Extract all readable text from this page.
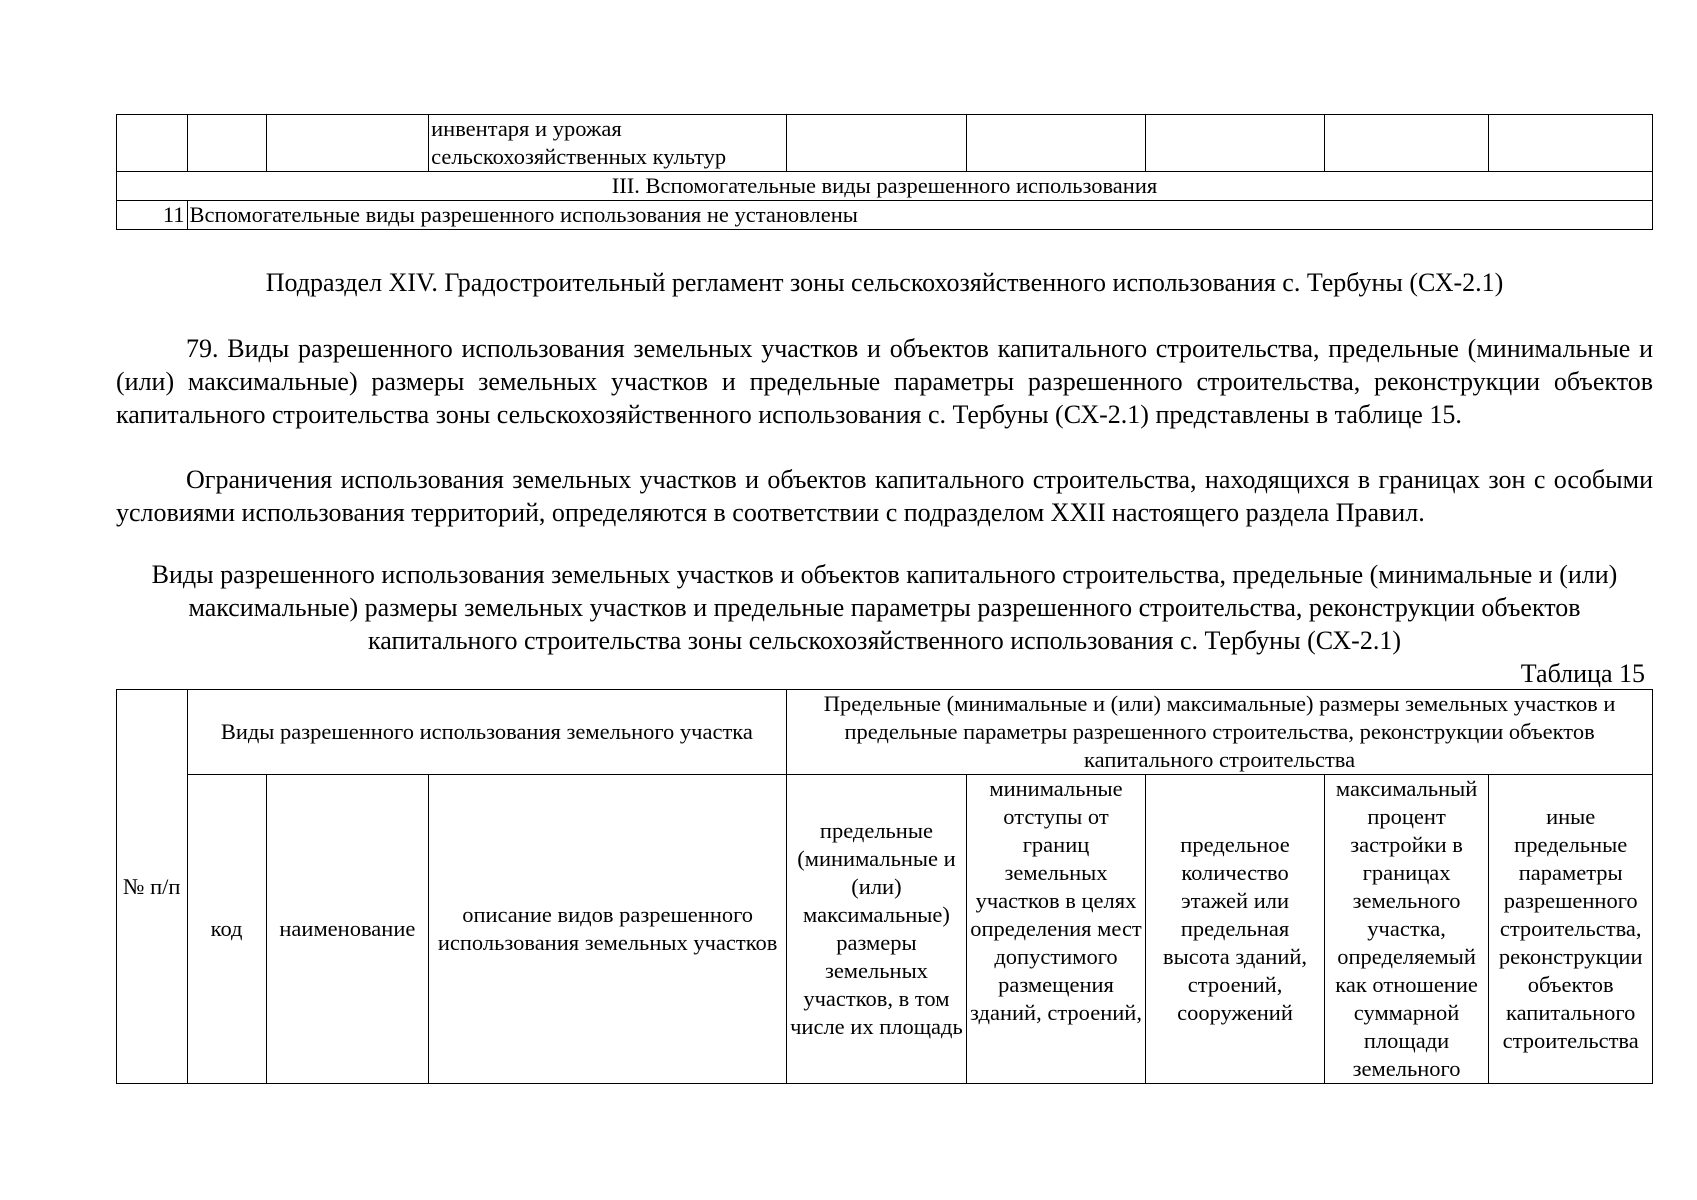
			инвентаря и урожая сельскохозяйственных культур					
III. Вспомогательные виды разрешенного использования								
11	Вспомогательные виды разрешенного использования не установлены							
Подраздел XIV. Градостроительный регламент зоны сельскохозяйственного использования с. Тербуны (СХ-2.1)
79. Виды разрешенного использования земельных участков и объектов капитального строительства, предельные (минимальные и (или) максимальные) размеры земельных участков и предельные параметры разрешенного строительства, реконструкции объектов капитального строительства зоны сельскохозяйственного использования с. Тербуны (СХ-2.1) представлены в таблице 15.
Ограничения использования земельных участков и объектов капитального строительства, находящихся в границах зон с особыми условиями использования территорий, определяются в соответствии с подразделом XXII настоящего раздела Правил.
Виды разрешенного использования земельных участков и объектов капитального строительства, предельные (минимальные и (или) максимальные) размеры земельных участков и предельные параметры разрешенного строительства, реконструкции объектов капитального строительства зоны сельскохозяйственного использования с. Тербуны (СХ-2.1)
Таблица 15
№ п/п	Виды разрешенного использования земельного участка			Предельные (минимальные и (или) максимальные) размеры земельных участков и предельные параметры разрешенного строительства, реконструкции объектов капитального строительства				
	код	наименование	описание видов разрешенного использования земельных участков	предельные (минимальные и (или) максимальные) размеры земельных участков, в том числе их площадь	минимальные отступы от границ земельных участков в целях определения мест допустимого размещения зданий, строений,	предельное количество этажей или предельная высота зданий, строений, сооружений	максимальный процент застройки в границах земельного участка, определяемый как отношение суммарной площади земельного	иные предельные параметры разрешенного строительства, реконструкции объектов капитального строительства
